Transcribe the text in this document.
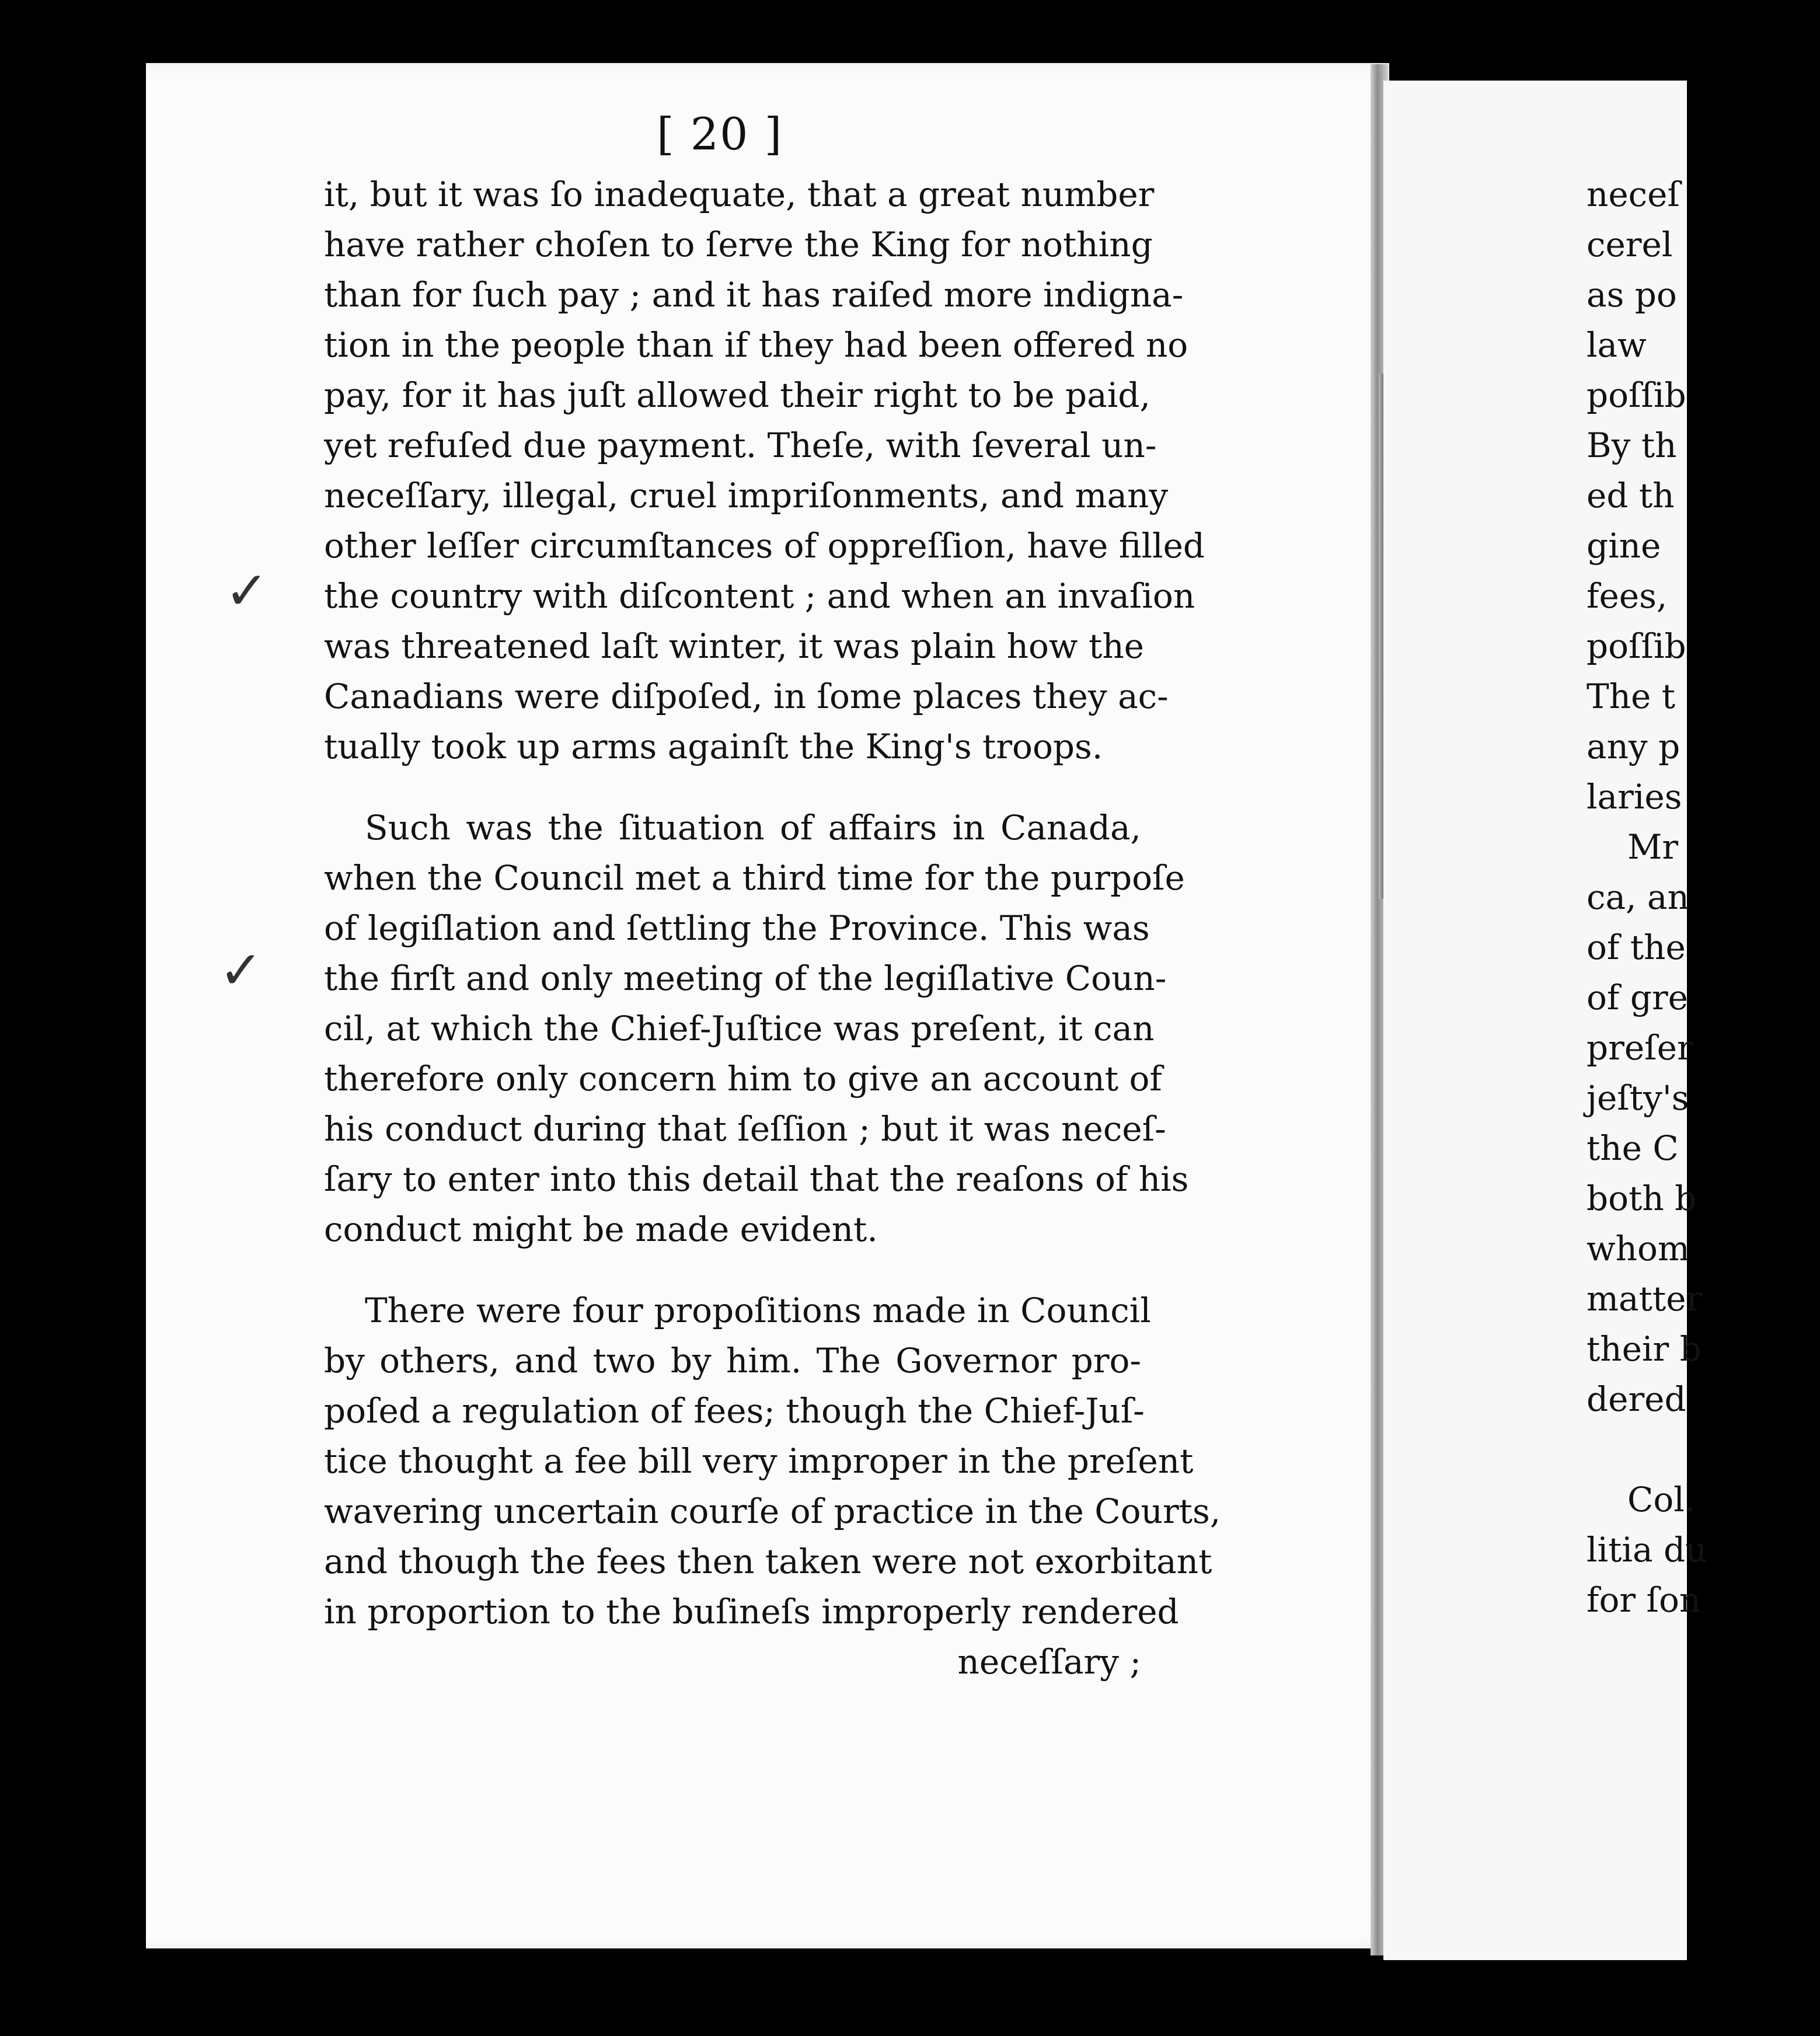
[ 20 ]
it, but it was ſo inadequate, that a great number
have rather choſen to ſerve the King for nothing
than for ſuch pay ; and it has raiſed more indigna-
tion in the people than if they had been offered no
pay, for it has juſt allowed their right to be paid,
yet refuſed due payment. Theſe, with ſeveral un-
neceſſary, illegal, cruel impriſonments, and many
other leſſer circumſtances of oppreſſion, have filled
the country with diſcontent ; and when an invaſion
was threatened laſt winter, it was plain how the
Canadians were diſpoſed, in ſome places they ac-
tually took up arms againſt the King's troops.
Such was the ſituation of affairs in Canada,
when the Council met a third time for the purpoſe
of legiſlation and ſettling the Province. This was
the firſt and only meeting of the legiſlative Coun-
cil, at which the Chief-Juſtice was preſent, it can
therefore only concern him to give an account of
his conduct during that ſeſſion ; but it was neceſ-
ſary to enter into this detail that the reaſons of his
conduct might be made evident.
There were four propoſitions made in Council
by others, and two by him. The Governor pro-
poſed a regulation of fees; though the Chief-Juſ-
tice thought a fee bill very improper in the preſent
wavering uncertain courſe of practice in the Courts,
and though the fees then taken were not exorbitant
in proportion to the buſineſs improperly rendered
neceſſary ;
✓
✓
neceſ
cerel
as po
law
poſſib
By th
ed th
gine
fees,
poſſib
The t
any p
laries
Mr
ca, an
of the
of gre
preſer
jeſty's
the C
both b
whom
matter
their b
dered
Col.
litia du
for ſon
